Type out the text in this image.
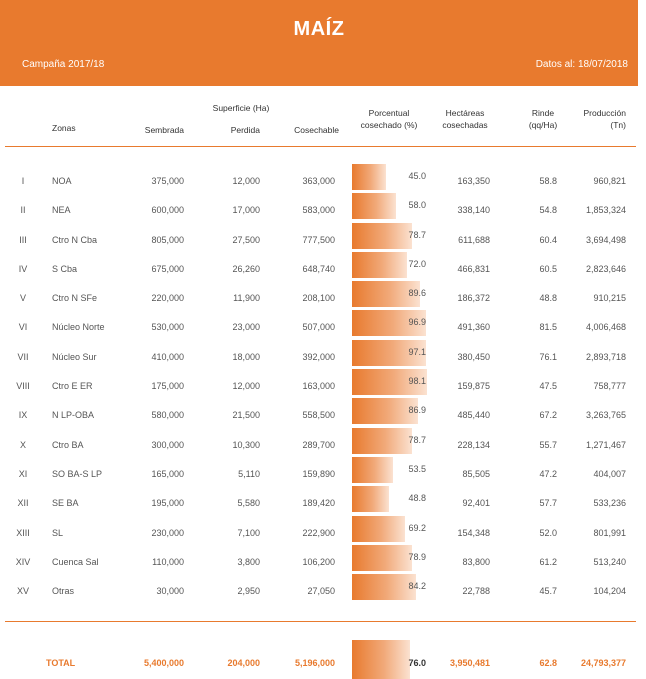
MAÍZ
Campaña 2017/18	Datos al: 18/07/2018
Zonas
Superficie (Ha)
Sembrada	Perdida	Cosechable
Porcentual
cosechado (%)
Hectáreas
cosechadas
Rinde
(qq/Ha)
Producción
(Tn)
I	NOA	375,000	12,000	363,000	45.0	163,350	58.8	960,821
II	NEA	600,000	17,000	583,000	58.0	338,140	54.8	1,853,324
III	Ctro N Cba	805,000	27,500	777,500	78.7	611,688	60.4	3,694,498
IV	S Cba	675,000	26,260	648,740	72.0	466,831	60.5	2,823,646
V	Ctro N SFe	220,000	11,900	208,100	89.6	186,372	48.8	910,215
VI	Núcleo Norte	530,000	23,000	507,000	96.9	491,360	81.5	4,006,468
VII	Núcleo Sur	410,000	18,000	392,000	97.1	380,450	76.1	2,893,718
VIII	Ctro E ER	175,000	12,000	163,000	98.1	159,875	47.5	758,777
IX	N LP-OBA	580,000	21,500	558,500	86.9	485,440	67.2	3,263,765
X	Ctro BA	300,000	10,300	289,700	78.7	228,134	55.7	1,271,467
XI	SO BA-S LP	165,000	5,110	159,890	53.5	85,505	47.2	404,007
XII	SE BA	195,000	5,580	189,420	48.8	92,401	57.7	533,236
XIII	SL	230,000	7,100	222,900	69.2	154,348	52.0	801,991
XIV	Cuenca Sal	110,000	3,800	106,200	78.9	83,800	61.2	513,240
XV	Otras	30,000	2,950	27,050	84.2	22,788	45.7	104,204
TOTAL	5,400,000	204,000	5,196,000	76.0	3,950,481	62.8	24,793,377
